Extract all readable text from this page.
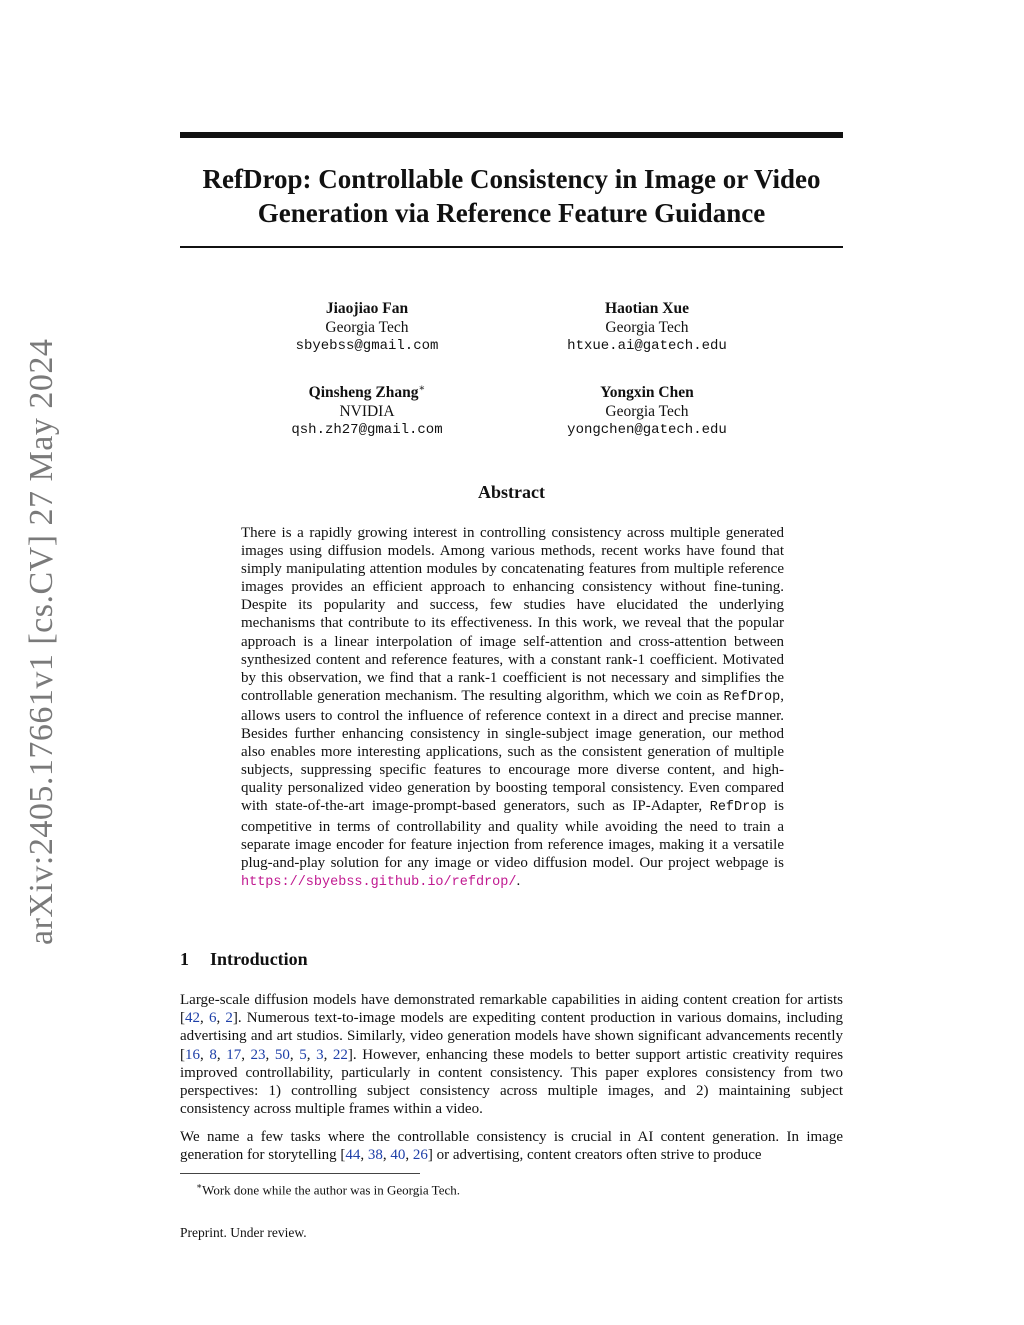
arXiv:2405.17661v1 [cs.CV] 27 May 2024
RefDrop: Controllable Consistency in Image or Video Generation via Reference Feature Guidance
Jiaojiao Fan
Georgia Tech
sbyebss@gmail.com
Haotian Xue
Georgia Tech
htxue.ai@gatech.edu
Qinsheng Zhang∗
NVIDIA
qsh.zh27@gmail.com
Yongxin Chen
Georgia Tech
yongchen@gatech.edu
Abstract

There is a rapidly growing interest in controlling consistency across multiple generated images using diffusion models. Among various methods, recent works have found that simply manipulating attention modules by concatenating features from multiple reference images provides an efficient approach to enhancing consistency without fine-tuning. Despite its popularity and success, few studies have elucidated the underlying mechanisms that contribute to its effectiveness. In this work, we reveal that the popular approach is a linear interpolation of image self-attention and cross-attention between synthesized content and reference features, with a constant rank-1 coefficient. Motivated by this observation, we find that a rank-1 coefficient is not necessary and simplifies the controllable generation mechanism. The resulting algorithm, which we coin as RefDrop, allows users to control the influence of reference context in a direct and precise manner. Besides further enhancing consistency in single-subject image generation, our method also enables more interesting applications, such as the consistent generation of multiple subjects, suppressing specific features to encourage more diverse content, and high-quality personalized video generation by boosting temporal consistency. Even compared with state-of-the-art image-prompt-based generators, such as IP-Adapter, RefDrop is competitive in terms of controllability and quality while avoiding the need to train a separate image encoder for feature injection from reference images, making it a versatile plug-and-play solution for any image or video diffusion model. Our project webpage is https://sbyebss.github.io/refdrop/.

1 Introduction

Large-scale diffusion models have demonstrated remarkable capabilities in aiding content creation for artists [42, 6, 2]. Numerous text-to-image models are expediting content production in various domains, including advertising and art studios. Similarly, video generation models have shown significant advancements recently [16, 8, 17, 23, 50, 5, 3, 22]. However, enhancing these models to better support artistic creativity requires improved controllability, particularly in content consistency. This paper explores consistency from two perspectives: 1) controlling subject consistency across multiple images, and 2) maintaining subject consistency across multiple frames within a video.

We name a few tasks where the controllable consistency is crucial in AI content generation. In image generation for storytelling [44, 38, 40, 26] or advertising, content creators often strive to produce

∗Work done while the author was in Georgia Tech.

Preprint. Under review.
